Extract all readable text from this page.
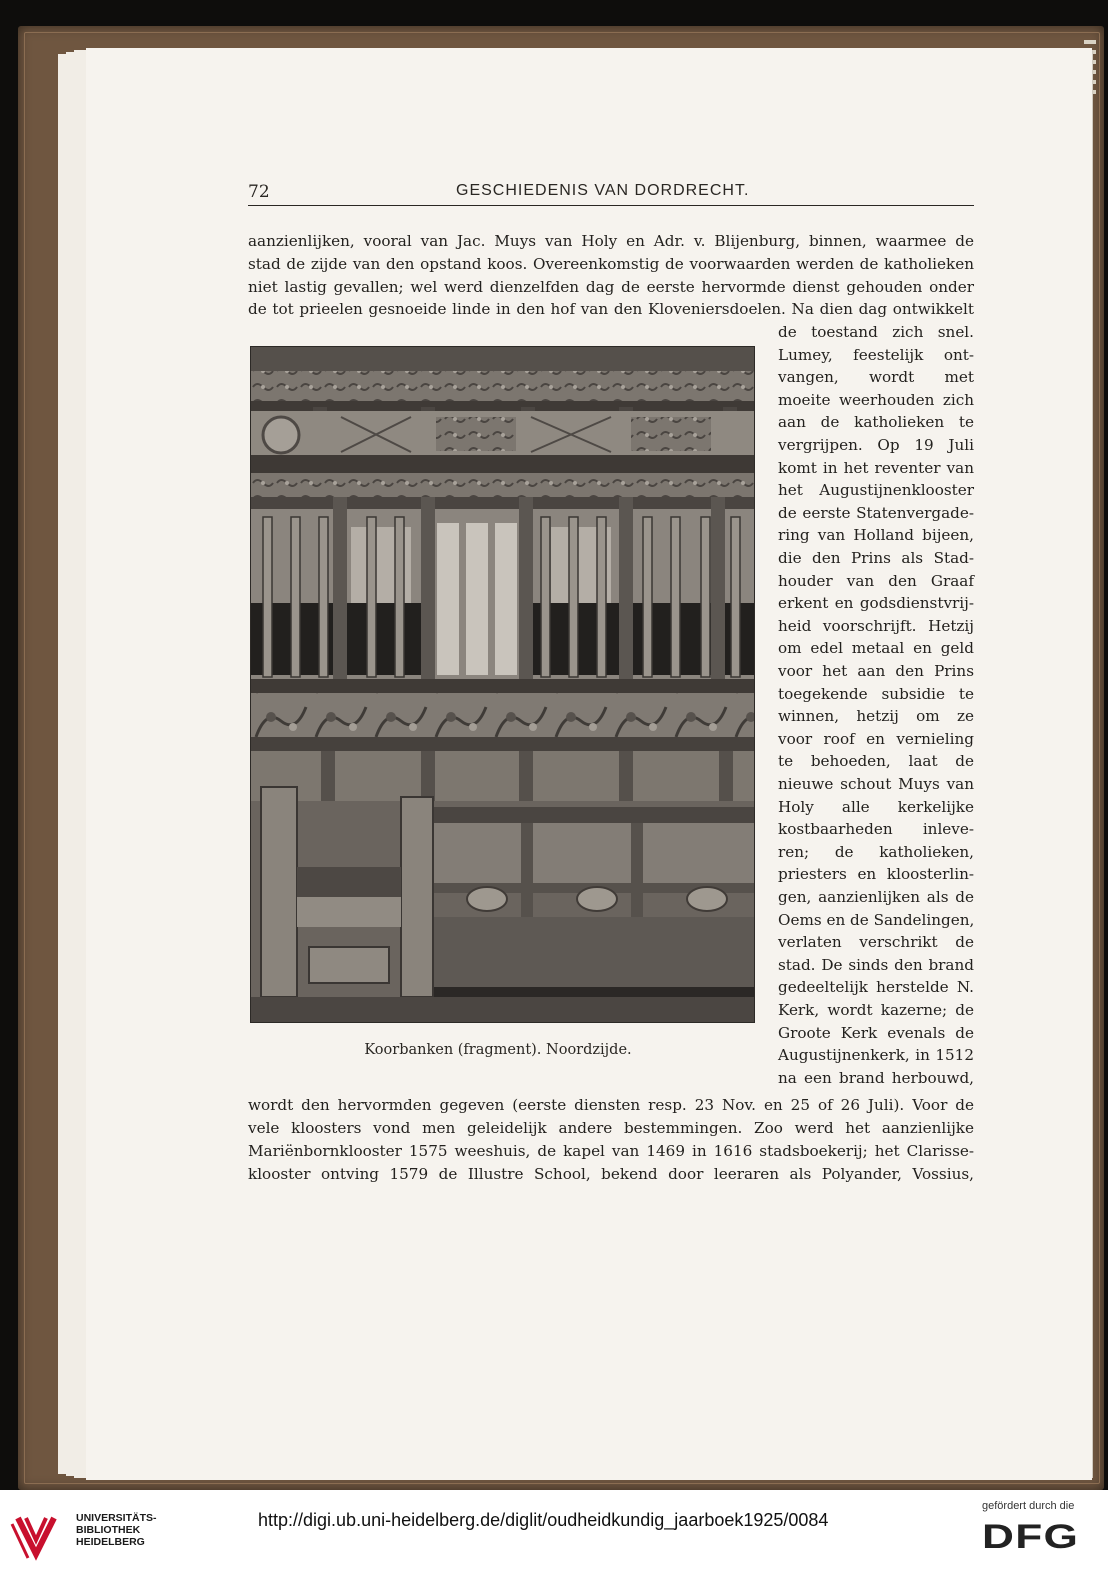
72	GESCHIEDENIS VAN DORDRECHT.
aanzienlijken, vooral van Jac. Muys van Holy en Adr. v. Blijenburg, binnen, waarmee de
stad de zijde van den opstand koos. Overeenkomstig de voorwaarden werden de katholieken
niet lastig gevallen; wel werd dienzelfden dag de eerste hervormde dienst gehouden onder
de tot prieelen gesnoeide linde in den hof van den Kloveniersdoelen. Na dien dag ontwikkelt
de toestand zich snel.
Lumey, feestelijk ont-
vangen, wordt met
moeite weerhouden zich
aan de katholieken te
vergrijpen. Op 19 Juli
komt in het reventer van
het Augustijnenklooster
de eerste Statenvergade-
ring van Holland bijeen,
die den Prins als Stad-
houder van den Graaf
erkent en godsdienstvrij-
heid voorschrijft. Hetzij
om edel metaal en geld
voor het aan den Prins
toegekende subsidie te
winnen, hetzij om ze
voor roof en vernieling
te behoeden, laat de
nieuwe schout Muys van
Holy alle kerkelijke
kostbaarheden inleve-
ren; de katholieken,
priesters en kloosterlin-
gen, aanzienlijken als de
Oems en de Sandelingen,
verlaten verschrikt de
stad. De sinds den brand
gedeeltelijk herstelde N.
Kerk, wordt kazerne; de
Groote Kerk evenals de
Augustijnenkerk, in 1512
na een brand herbouwd,
Koorbanken (fragment). Noordzijde.
wordt den hervormden gegeven (eerste diensten resp. 23 Nov. en 25 of 26 Juli). Voor de
vele kloosters vond men geleidelijk andere bestemmingen. Zoo werd het aanzienlijke
Mariënbornklooster 1575 weeshuis, de kapel van 1469 in 1616 stadsboekerij; het Clarisse-
klooster ontving 1579 de Illustre School, bekend door leeraren als Polyander, Vossius,
UNIVERSITÄTS-
BIBLIOTHEK
HEIDELBERG
http://digi.ub.uni-heidelberg.de/diglit/oudheidkundig_jaarboek1925/0084
gefördert durch die
DFG
